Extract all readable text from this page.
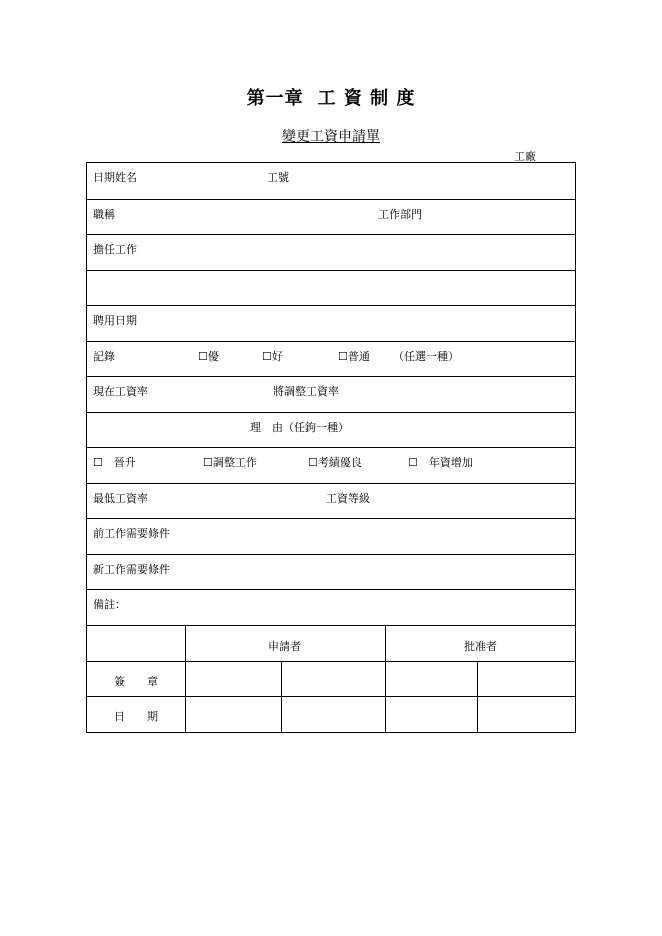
第一章 工 資 制 度
變更工資申請單
工廠
日期姓名	工號
職稱	工作部門
擔任工作
聘用日期
記錄	☐優	☐好	☐普通 （任選一種）
現在工資率	將調整工資率
理　由（任鉤一種）
☐　晉升	☐調整工作	☐考績優良	☐　年資增加
最低工資率	工資等級
前工作需要條件
新工作需要條件
備註：
申請者	批准者
簽　　章
日　　期
